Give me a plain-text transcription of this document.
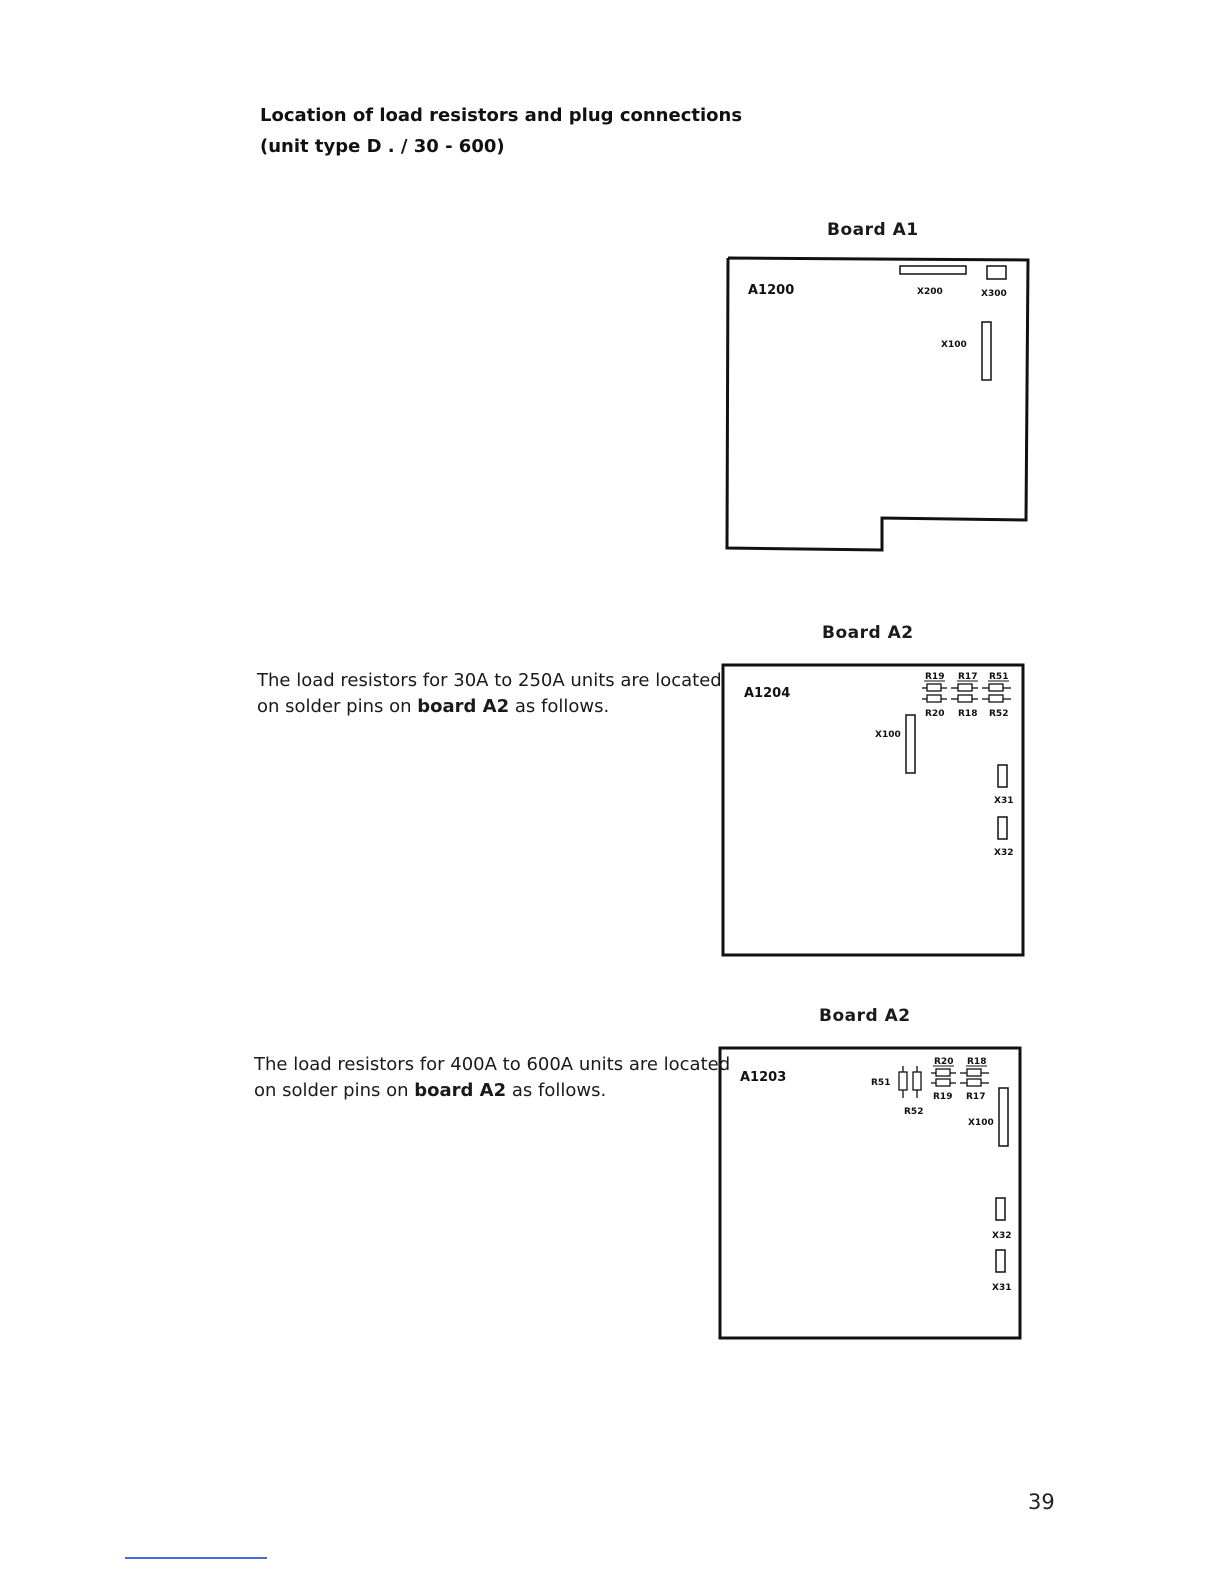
Location of load resistors and plug connections
(unit type D . / 30 - 600)
Board A1
A1200	X200	X300
X100
The load resistors for 30A to 250A units are located
on solder pins on board A2 as follows.
Board A2
A1204
R19 R17 R51
R20 R18 R52
X100
X31
X32
The load resistors for 400A to 600A units are located
on solder pins on board A2 as follows.
Board A2
A1203
R20 R18
R19 R17
R51
R52
X100
X32
X31
39
